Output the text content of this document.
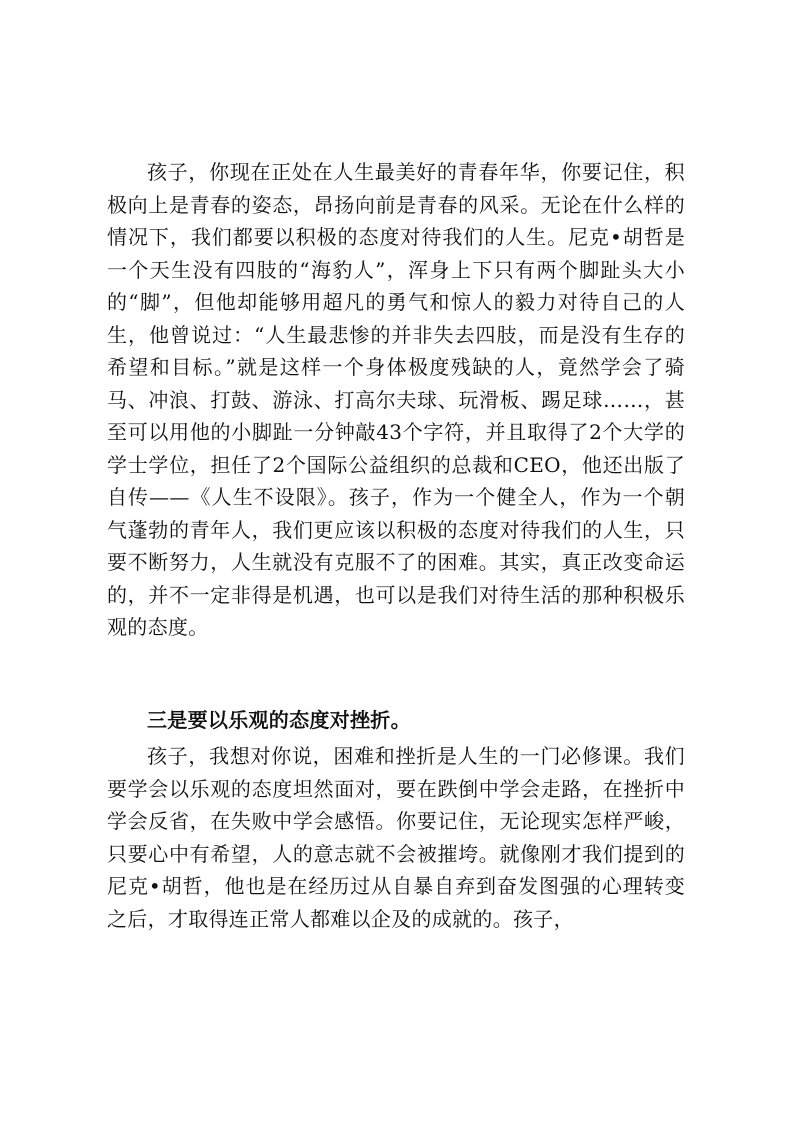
孩子，你现在正处在人生最美好的青春年华，你要记住，积极向上是青春的姿态，昂扬向前是青春的风采。无论在什么样的情况下，我们都要以积极的态度对待我们的人生。尼克•胡哲是一个天生没有四肢的“海豹人”，浑身上下只有两个脚趾头大小的“脚”，但他却能够用超凡的勇气和惊人的毅力对待自己的人生，他曾说过：“人生最悲惨的并非失去四肢，而是没有生存的希望和目标。”就是这样一个身体极度残缺的人，竟然学会了骑马、冲浪、打鼓、游泳、打高尔夫球、玩滑板、踢足球……，甚至可以用他的小脚趾一分钟敲43个字符，并且取得了2个大学的学士学位，担任了2个国际公益组织的总裁和CEO，他还出版了自传——《人生不设限》。孩子，作为一个健全人，作为一个朝气蓬勃的青年人，我们更应该以积极的态度对待我们的人生，只要不断努力，人生就没有克服不了的困难。其实，真正改变命运的，并不一定非得是机遇，也可以是我们对待生活的那种积极乐观的态度。

三是要以乐观的态度对挫折。

孩子，我想对你说，困难和挫折是人生的一门必修课。我们要学会以乐观的态度坦然面对，要在跌倒中学会走路，在挫折中学会反省，在失败中学会感悟。你要记住，无论现实怎样严峻，只要心中有希望，人的意志就不会被摧垮。就像刚才我们提到的尼克•胡哲，他也是在经历过从自暴自弃到奋发图强的心理转变之后，才取得连正常人都难以企及的成就的。孩子，
